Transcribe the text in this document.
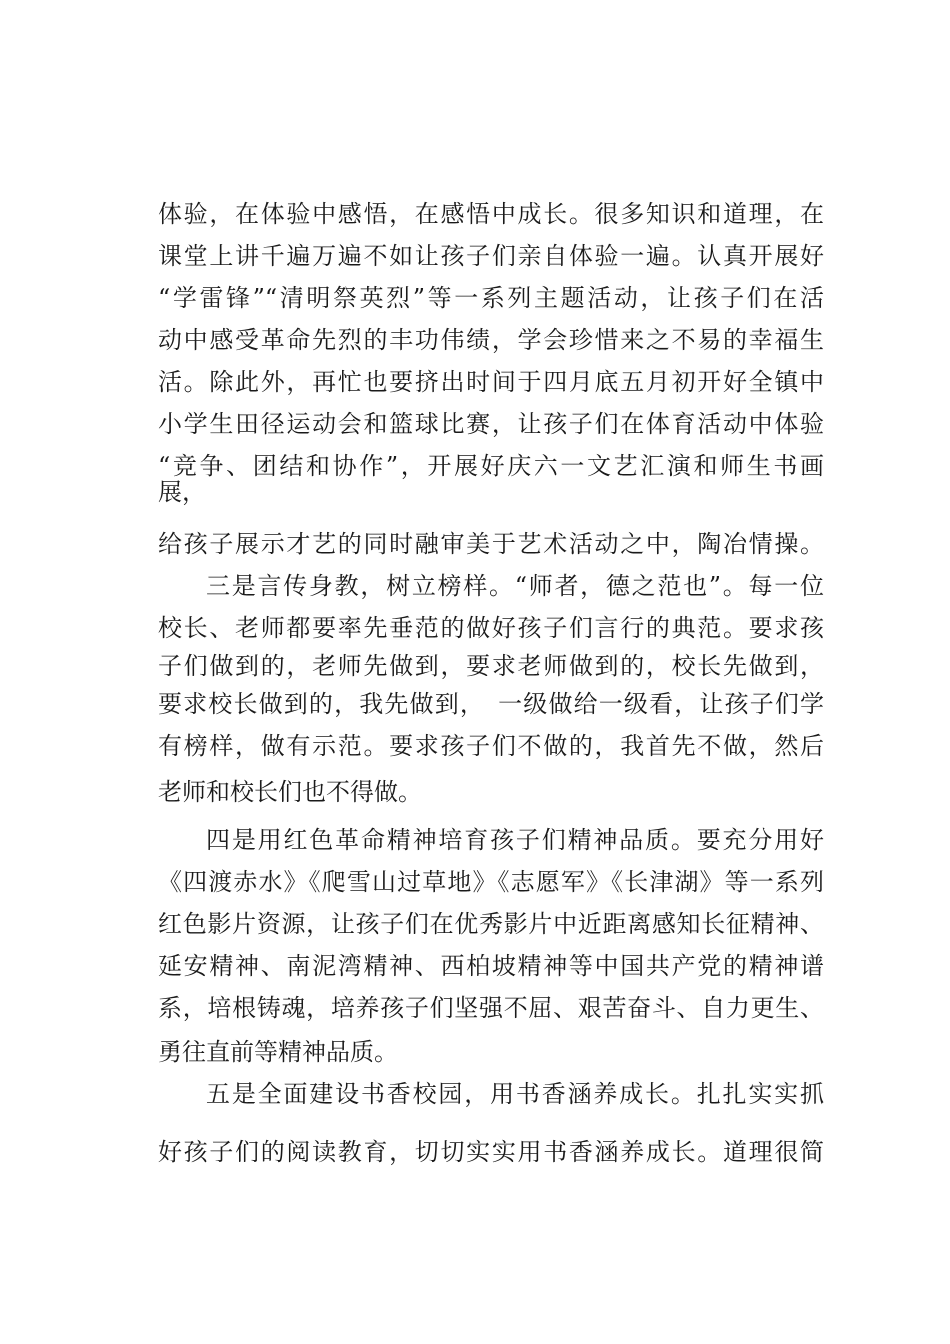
体验，在体验中感悟，在感悟中成长。很多知识和道理，在
课堂上讲千遍万遍不如让孩子们亲自体验一遍。认真开展好
“学雷锋”“清明祭英烈”等一系列主题活动，让孩子们在活
动中感受革命先烈的丰功伟绩，学会珍惜来之不易的幸福生
活。除此外，再忙也要挤出时间于四月底五月初开好全镇中
小学生田径运动会和篮球比赛，让孩子们在体育活动中体验
“竞争、团结和协作”，开展好庆六一文艺汇演和师生书画
展，
给孩子展示才艺的同时融审美于艺术活动之中，陶冶情操。
三是言传身教，树立榜样。“师者，德之范也”。每一位
校长、老师都要率先垂范的做好孩子们言行的典范。要求孩
子们做到的，老师先做到，要求老师做到的，校长先做到，
要求校长做到的，我先做到，　一级做给一级看，让孩子们学
有榜样，做有示范。要求孩子们不做的，我首先不做，然后
老师和校长们也不得做。
四是用红色革命精神培育孩子们精神品质。要充分用好
《四渡赤水》《爬雪山过草地》《志愿军》《长津湖》等一系列
红色影片资源，让孩子们在优秀影片中近距离感知长征精神、
延安精神、南泥湾精神、西柏坡精神等中国共产党的精神谱
系，培根铸魂，培养孩子们坚强不屈、艰苦奋斗、自力更生、
勇往直前等精神品质。
五是全面建设书香校园，用书香涵养成长。扎扎实实抓
好孩子们的阅读教育，切切实实用书香涵养成长。道理很简
